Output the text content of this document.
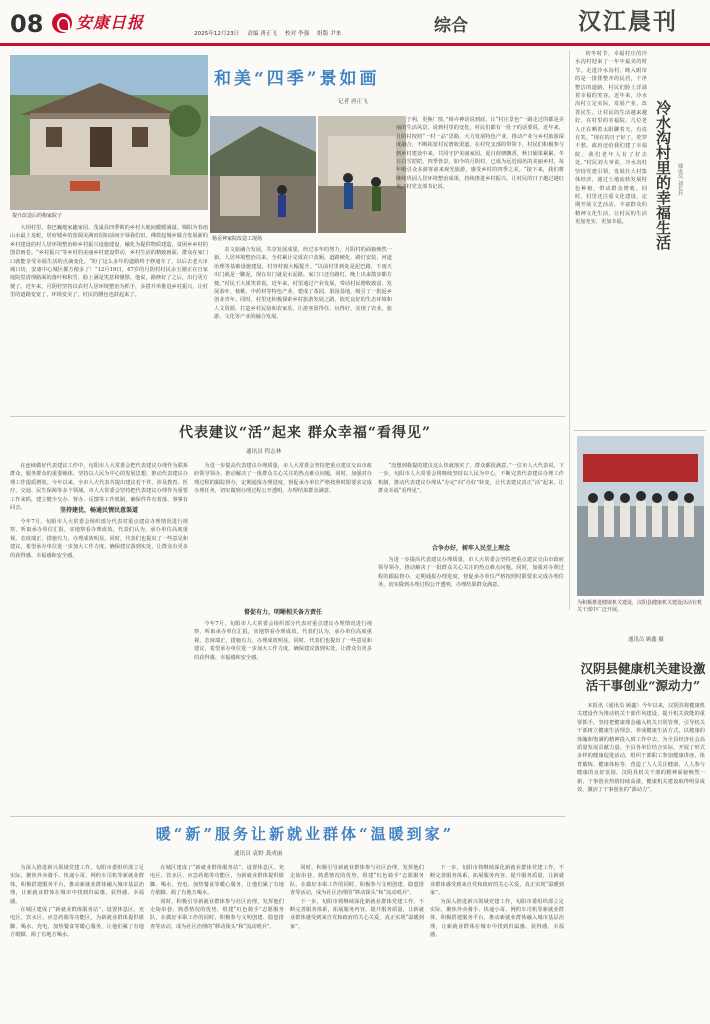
08 安康日报
2025年12月23日 责编 唐正飞 校对 李强 组版 尹来	综合	汉江晨刊
提升改造后的梅家院子
和美“四季”景如画
记者 唐正飞
杨岙神家院改造工现场

大坝村里，春巴巍地家趣家园，茂巢县四季锁的乡村大地间暖暖满溢。锦阳为春雨山水最上龙蛇，居府城乡的宽阔美满田园如前间宇辱我们田。佛敦起城乡做合发展新的乡村建设的村人居环境整治和乡村振兴设施建设，融化为提供物质建造，贫困乡乡村的图景画卷。“乡村振兴”等乡村的美丽乡村建设带动，乡村生活的精致画面，群众在家门口就能享受幸福生活的点滴变化。“盼了这么多年的道路终于修通车了，以后去老大市城口坊，安康中心城区都方便多了！”12月19日，47岁的月阴村村民余玉刚正在自家庭院里清理路面的落叶和积雪，脸上满是笑意和憧憬。他说，路修好了之后，出行更方便了。近年来，月阴村坚持以农村人居环境整治为抓手，多措并举推进乡村振兴，让村里的道路变宽了，环境变美了，村民的腰包也鼓起来了。

农文旅融合发展，共享发展成果，经过多年的努力，月阴村的面貌焕然一新。人居环境整治以来，全村累计完成农户改厕，道路硬化、路灯安装、河道治理等基础设施建设，村容村貌大幅提升。“以前村里到处是泥巴路，下雨天出门就是一脚泥，现在出门就是水泥路，家门口还有路灯，晚上出来散步都方便。”村民王大姐笑着说。近年来，村里通过产业发展，带动村民增收致富，发展茶叶、核桃、中药材等特色产业，建成了茶园、果园基地，吸引了一批返乡创业青年。同时，村里还积极探索乡村旅游发展之路，依托良好的生态环境和人文资源，打造乡村民宿和农家乐，让游客留得住、玩得好，实现了农业、旅游、文化等产业的融合发展。

于利，更换厂窗，”杨卉神话说到底，让“村庄景色”一路走过的都是美丽的生活风景。说到村里的变化，村民们都有一肚子的话要说。近年来，月阴村按照“一村一品”思路，大力发展特色产业，推动产业与乡村旅游深度融合，不断拓宽村民增收渠道。在村党支部的带领下，村民们积极参与到乡村建设中来，共同守护美丽家园。夏日荷塘飘香，秋日硕果累累，冬日白雪皑皑，四季皆景。如今的月阴村，已成为远近闻名的美丽乡村，每年吸引众多游客前来观光旅游，感受乡村的四季之美。“接下来，我们将继续巩固人居环境整治成果，持续推进乡村振兴，让村民的日子越过越红火。”村党支部书记说。

初冬时节，幸福村庄的冷水沟村迎来了一年中最美的时节。走进冷水沟村，映入眼帘的是一排排整齐的民居，干净整洁的道路，村民们脸上洋溢着幸福的笑容。近年来，冷水沟村立足实际，发展产业，改善民生，让村民的生活越来越好。在村里的幸福院，几位老人正在晒着太阳聊着天，有说有笑。“现在的日子好了，吃穿不愁，政府还给我们建了幸福院，我们老年人有了好去处。”村民刘大爷说。冷水沟村坚持党建引领，发展壮大村集体经济，通过土地流转发展特色种植，带动群众增收。同时，村里还注重文化建设，定期开展文艺活动，丰富群众的精神文化生活，让村民的生活更加充实、更加幸福。	冷水沟村里的幸福生活 通讯员 刘长兵
为积极推进健康机关建设，汉阴县健康机关建设活动在机关干部中广泛开展。
通讯员 顾鑫 摄
汉阴县健康机关建设激活干事创业“源动力”

本报讯（通讯员 顾鑫）今年以来，汉阴县将健康机关建设作为推动机关干部作风建设、提升机关效能的重要抓手，坚持把健康理念融入机关日常管理，引导机关干部树立健康生活理念，养成健康生活方式，以健康的体魄和饱满的精神投入到工作中去，为全县经济社会高质量发展贡献力量。全县各单位结合实际，开展了形式多样的健康促进活动，组织干部职工参加健康讲座、体育锻炼、健康体检等，营造了人人关注健康、人人参与健康的良好氛围。汉阴县机关干部的精神面貌焕然一新，干事创业热情持续高涨，健康机关建设取得明显成效，激活了干事创业的“源动力”。

代表建议“活”起来 群众幸福“看得见”
通讯员 程志林

在连续做好代表建议工作中，旬阳市人大常委会把代表建议办理作为联系群众、服务群众的重要载体，坚持以人民为中心的发展思想，推动代表建议办理工作提质增效。今年以来，全市人大代表共提出建议若干件，涉及教育、医疗、交通、民生保障等多个领域。市人大常委会坚持把代表建议办理作为重要工作来抓，建立健全交办、督办、反馈等工作机制，确保件件有着落、事事有回音。	坚持建优，畅通民情民意渠道

今年7月，旬阳市人大常委会组织部分代表对重点建议办理情况进行视察，听取承办单位汇报，实地察看办理成效。代表们认为，承办单位高度重视，态度端正，措施有力，办理成效明显。同时，代表们也提出了一些意见和建议，希望承办单位进一步加大工作力度，确保建议落到实处，让群众有更多的获得感、幸福感和安全感。

为进一步提高代表建议办理质量，市人大常委会坚持把重点建议交由市政府领导领办，推动解决了一批群众关心关注的热点难点问题。同时，加强对办理过程的跟踪督办，定期通报办理进度，督促承办单位严格按照时限要求完成办理任务，切实做到办理过程公开透明、办理结果群众满意。

督促有力，明晰相关备方责任

今年7月，旬阳市人大常委会组织部分代表对重点建议办理情况进行视察，听取承办单位汇报，实地察看办理成效。代表们认为，承办单位高度重视，态度端正，措施有力，办理成效明显。同时，代表们也提出了一些意见和建议，希望承办单位进一步加大工作力度，确保建议落到实处，让群众有更多的获得感、幸福感和安全感。

“没想到我提的建议这么快就落实了，群众都很满意。”一位市人大代表说。下一步，旬阳市人大常委会将继续坚持以人民为中心，不断完善代表建议办理工作机制，推动代表建议办理从“办完”向“办好”转变，让代表建议真正“活”起来，让群众幸福“看得见”。

合争办好，树牢人民至上理念

为进一步提高代表建议办理质量，市人大常委会坚持把重点建议交由市政府领导领办，推动解决了一批群众关心关注的热点难点问题。同时，加强对办理过程的跟踪督办，定期通报办理进度，督促承办单位严格按照时限要求完成办理任务，切实做到办理过程公开透明、办理结果群众满意。

暖“新”服务让新就业群体“温暖到家”
通讯员 袁野 龚成丽

为深入推进新兴领域党建工作，旬阳市委组织部立足实际，聚焦外卖骑手、快递小哥、网约车司机等新就业群体，积极搭建服务平台，推动新就业群体融入城市基层治理，让新就业群体在城市中找到归属感、获得感、幸福感。

在城区建成了“新就业群体服务站”，设置休息区、充电区、饮水区、应急药箱等功能区，为新就业群体提供歇脚、喝水、充电、加热餐食等暖心服务，让他们累了有地方歇脚、渴了有地方喝水。

在城区建成了“新就业群体服务站”，设置休息区、充电区、饮水区、应急药箱等功能区，为新就业群体提供歇脚、喝水、充电、加热餐食等暖心服务，让他们累了有地方歇脚、渴了有地方喝水。

同时，积极引导新就业群体参与社区治理，发挥他们走街串巷、熟悉情况的优势，组建“红色骑手”志愿服务队，在做好本职工作的同时，积极参与文明创建、隐患排查等活动，成为社区治理的“移动探头”和“流动哨兵”。

同时，积极引导新就业群体参与社区治理，发挥他们走街串巷、熟悉情况的优势，组建“红色骑手”志愿服务队，在做好本职工作的同时，积极参与文明创建、隐患排查等活动，成为社区治理的“移动探头”和“流动哨兵”。

下一步，旬阳市将继续深化新就业群体党建工作，不断完善服务体系，拓展服务内容，提升服务质量，让新就业群体感受到来自党和政府的关心关爱，真正实现“温暖到家”。

下一步，旬阳市将继续深化新就业群体党建工作，不断完善服务体系，拓展服务内容，提升服务质量，让新就业群体感受到来自党和政府的关心关爱，真正实现“温暖到家”。

为深入推进新兴领域党建工作，旬阳市委组织部立足实际，聚焦外卖骑手、快递小哥、网约车司机等新就业群体，积极搭建服务平台，推动新就业群体融入城市基层治理，让新就业群体在城市中找到归属感、获得感、幸福感。
